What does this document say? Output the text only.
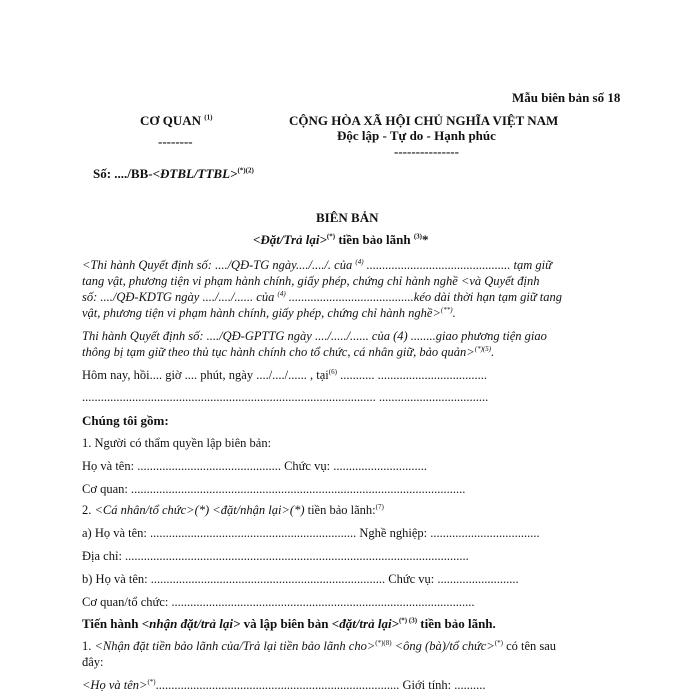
Mẫu biên bản số 18
CƠ QUAN $^{(1)}$
--------
CỘNG HÒA XÃ HỘI CHỦ NGHĨA VIỆT NAM
Độc lập - Tự do - Hạnh phúc
---------------
Số: ..../BB-<ĐTBL/TTBL>$^{(*)(2)}$
BIÊN BẢN
<Đặt/Trả lại>(*) tiền bảo lãnh $^{(3)}$*
<Thi hành Quyết định số: ..../QĐ-TG ngày..../..../. của $^{(4)}$ .............................................. tạm giữ
tang vật, phương tiện vi phạm hành chính, giấy phép, chứng chỉ hành nghề <và Quyết định
số: ..../QĐ-KDTG ngày ..../..../...... của $^{(4)}$ ........................................kéo dài thời hạn tạm giữ tang
vật, phương tiện vi phạm hành chính, giấy phép, chứng chỉ hành nghề>(**).
Thi hành Quyết định số: ..../QĐ-GPTTG ngày ..../...../...... của (4) ........giao phương tiện giao
thông bị tạm giữ theo thủ tục hành chính cho tổ chức, cá nhân giữ, bảo quản>$^{(*)(5)}$.
Hôm nay, hồi.... giờ .... phút, ngày ..../..../...... , tại$^{(6)}$ ........... ...................................
.............................................................................................. ...................................
Chúng tôi gồm:
1. Người có thẩm quyền lập biên bản:
Họ và tên: .............................................. Chức vụ: ..............................
Cơ quan: ...........................................................................................................
2. <Cá nhân/tổ chức>(*) <đặt/nhận lại>(*) tiền bảo lãnh:$^{(7)}$
a) Họ và tên: .................................................................. Nghề nghiệp: ...................................
Địa chỉ: ..............................................................................................................
b) Họ và tên: ........................................................................... Chức vụ: ..........................
Cơ quan/tổ chức: .................................................................................................
Tiến hành <nhận đặt/trả lại> và lập biên bản <đặt/trả lại>$^{(*) (3)}$ tiền bảo lãnh.
1. <Nhận đặt tiền bảo lãnh của/Trả lại tiền bảo lãnh cho>$^{(*)(8)}$ <ông (bà)/tổ chức>(*) có tên sau
đây:
<Họ và tên>(*).............................................................................. Giới tính: ..........
